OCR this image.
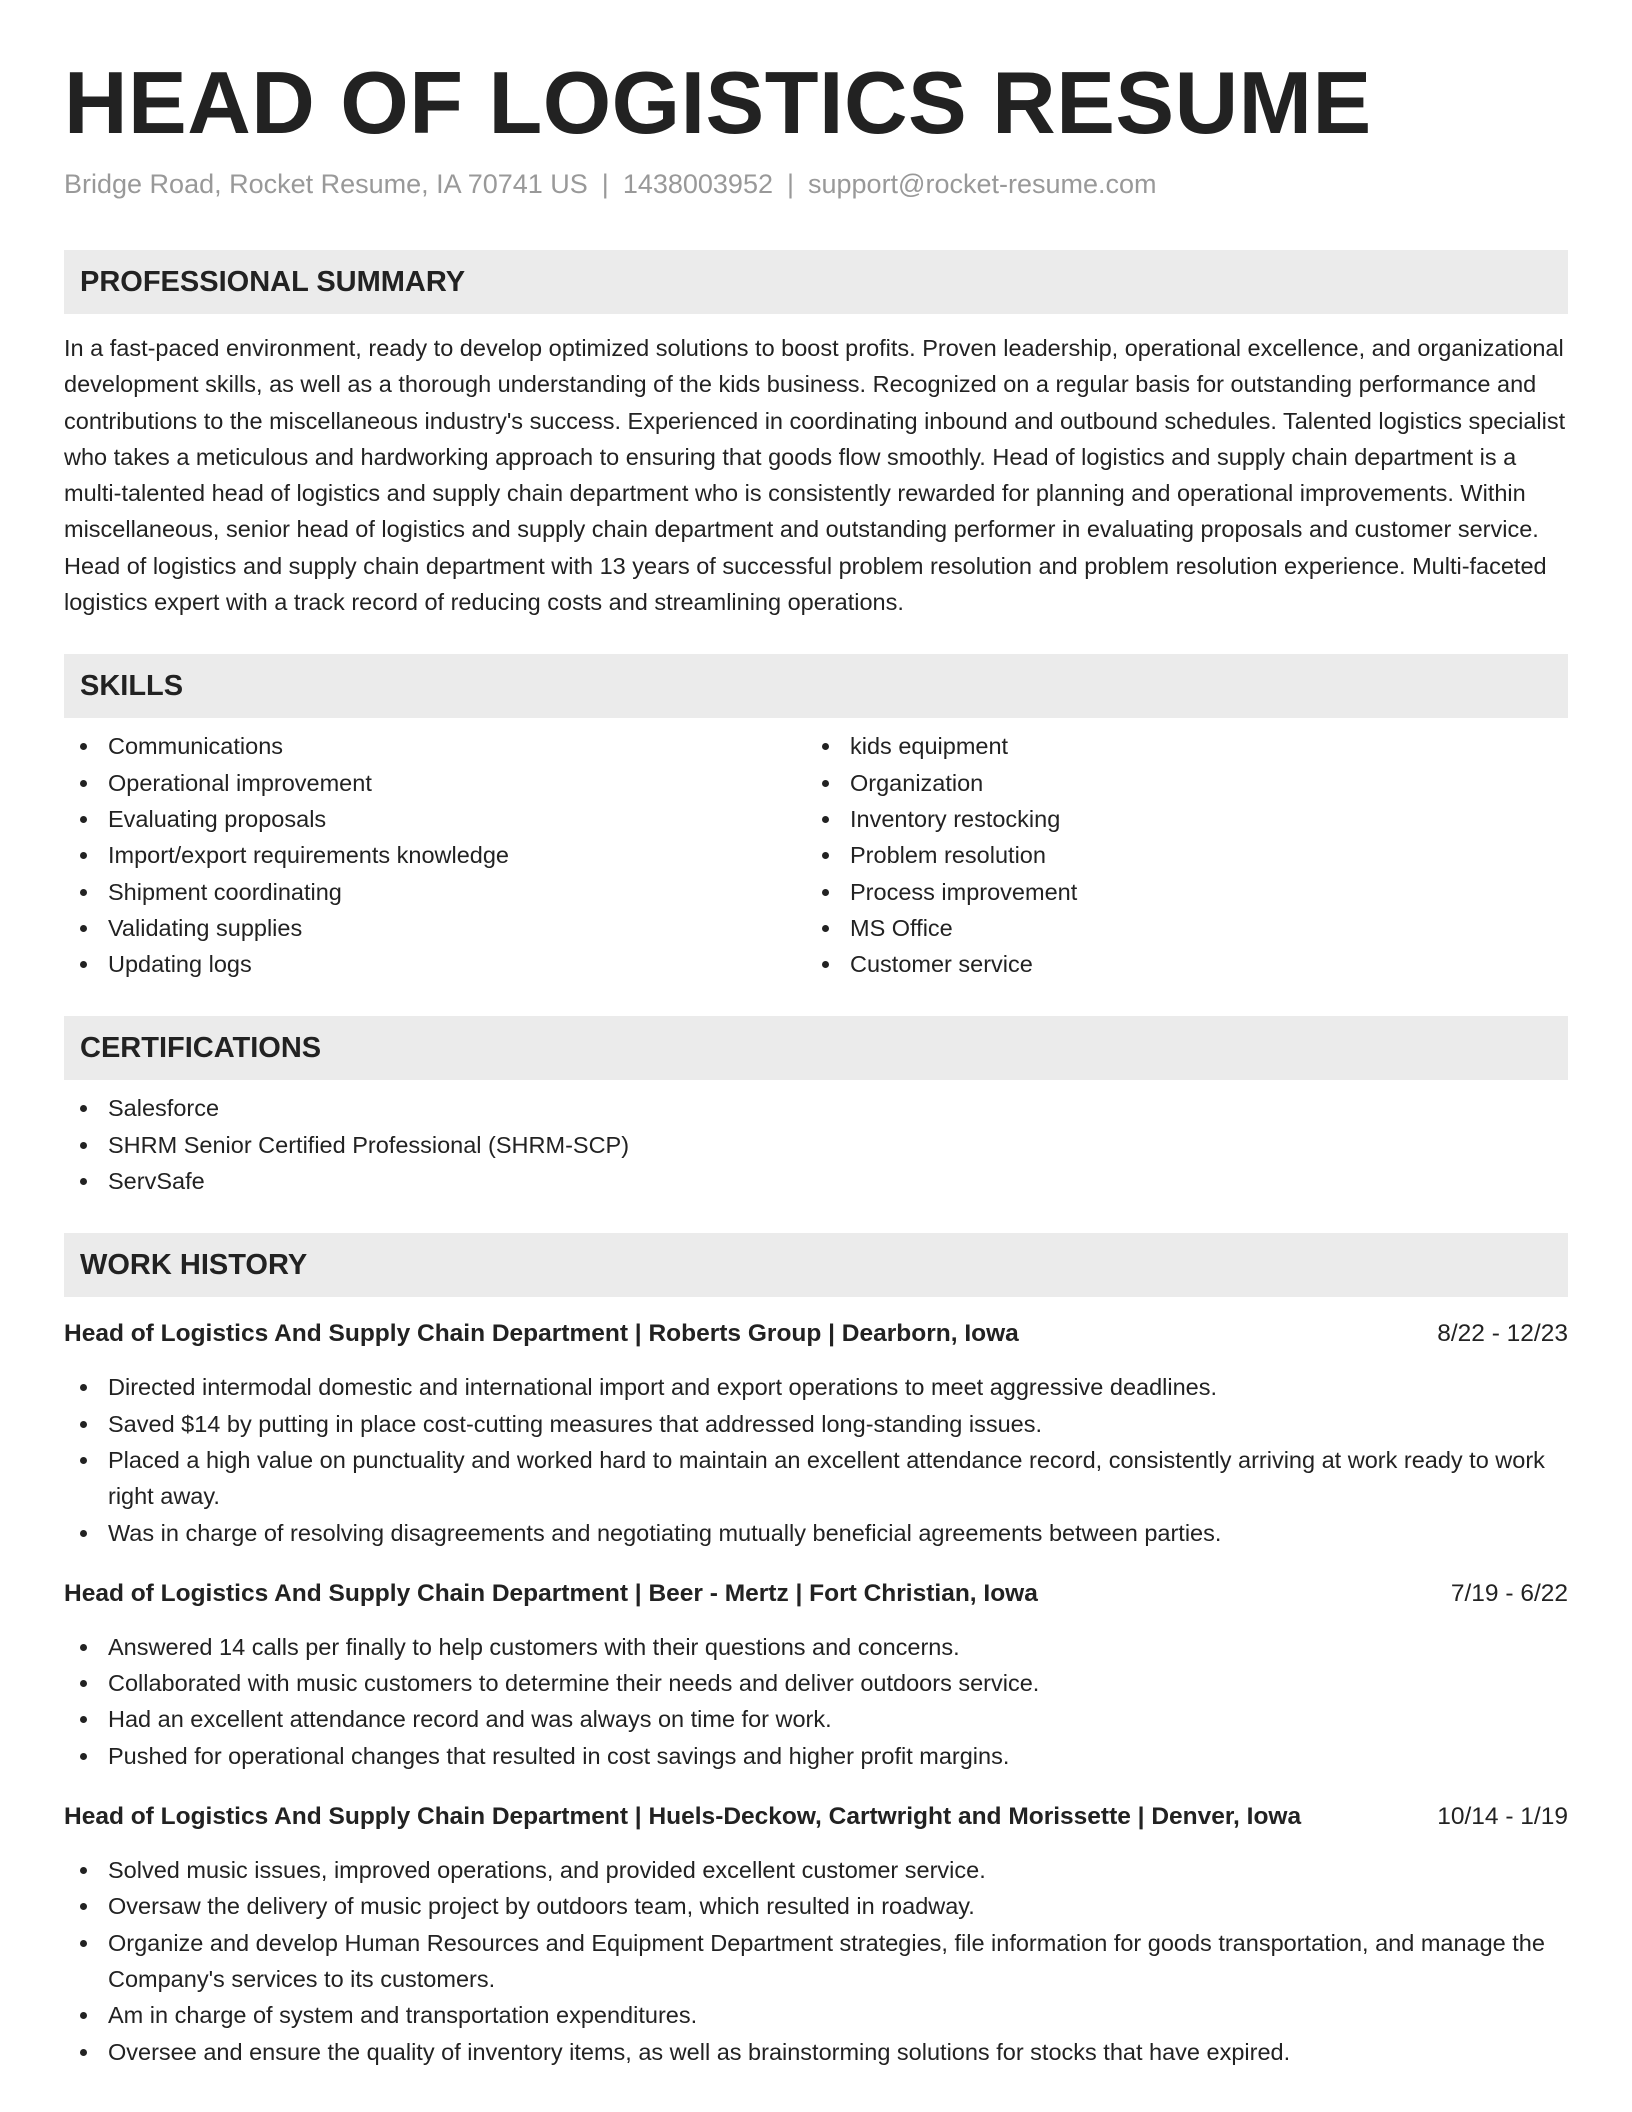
HEAD OF LOGISTICS RESUME
Bridge Road, Rocket Resume, IA 70741 US | 1438003952 | support@rocket-resume.com
PROFESSIONAL SUMMARY

In a fast-paced environment, ready to develop optimized solutions to boost profits. Proven leadership, operational excellence, and organizational development skills, as well as a thorough understanding of the kids business. Recognized on a regular basis for outstanding performance and contributions to the miscellaneous industry's success. Experienced in coordinating inbound and outbound schedules. Talented logistics specialist who takes a meticulous and hardworking approach to ensuring that goods flow smoothly. Head of logistics and supply chain department is a multi-talented head of logistics and supply chain department who is consistently rewarded for planning and operational improvements. Within miscellaneous, senior head of logistics and supply chain department and outstanding performer in evaluating proposals and customer service. Head of logistics and supply chain department with 13 years of successful problem resolution and problem resolution experience. Multi-faceted logistics expert with a track record of reducing costs and streamlining operations.

SKILLS
Communications
Operational improvement
Evaluating proposals
Import/export requirements knowledge
Shipment coordinating
Validating supplies
Updating logs
kids equipment
Organization
Inventory restocking
Problem resolution
Process improvement
MS Office
Customer service
CERTIFICATIONS
Salesforce
SHRM Senior Certified Professional (SHRM-SCP)
ServSafe
WORK HISTORY
Head of Logistics And Supply Chain Department | Roberts Group | Dearborn, Iowa	8/22 - 12/23
Directed intermodal domestic and international import and export operations to meet aggressive deadlines.
Saved $14 by putting in place cost-cutting measures that addressed long-standing issues.
Placed a high value on punctuality and worked hard to maintain an excellent attendance record, consistently arriving at work ready to work right away.
Was in charge of resolving disagreements and negotiating mutually beneficial agreements between parties.
Head of Logistics And Supply Chain Department | Beer - Mertz | Fort Christian, Iowa	7/19 - 6/22
Answered 14 calls per finally to help customers with their questions and concerns.
Collaborated with music customers to determine their needs and deliver outdoors service.
Had an excellent attendance record and was always on time for work.
Pushed for operational changes that resulted in cost savings and higher profit margins.
Head of Logistics And Supply Chain Department | Huels-Deckow, Cartwright and Morissette | Denver, Iowa	10/14 - 1/19
Solved music issues, improved operations, and provided excellent customer service.
Oversaw the delivery of music project by outdoors team, which resulted in roadway.
Organize and develop Human Resources and Equipment Department strategies, file information for goods transportation, and manage the Company's services to its customers.
Am in charge of system and transportation expenditures.
Oversee and ensure the quality of inventory items, as well as brainstorming solutions for stocks that have expired.
